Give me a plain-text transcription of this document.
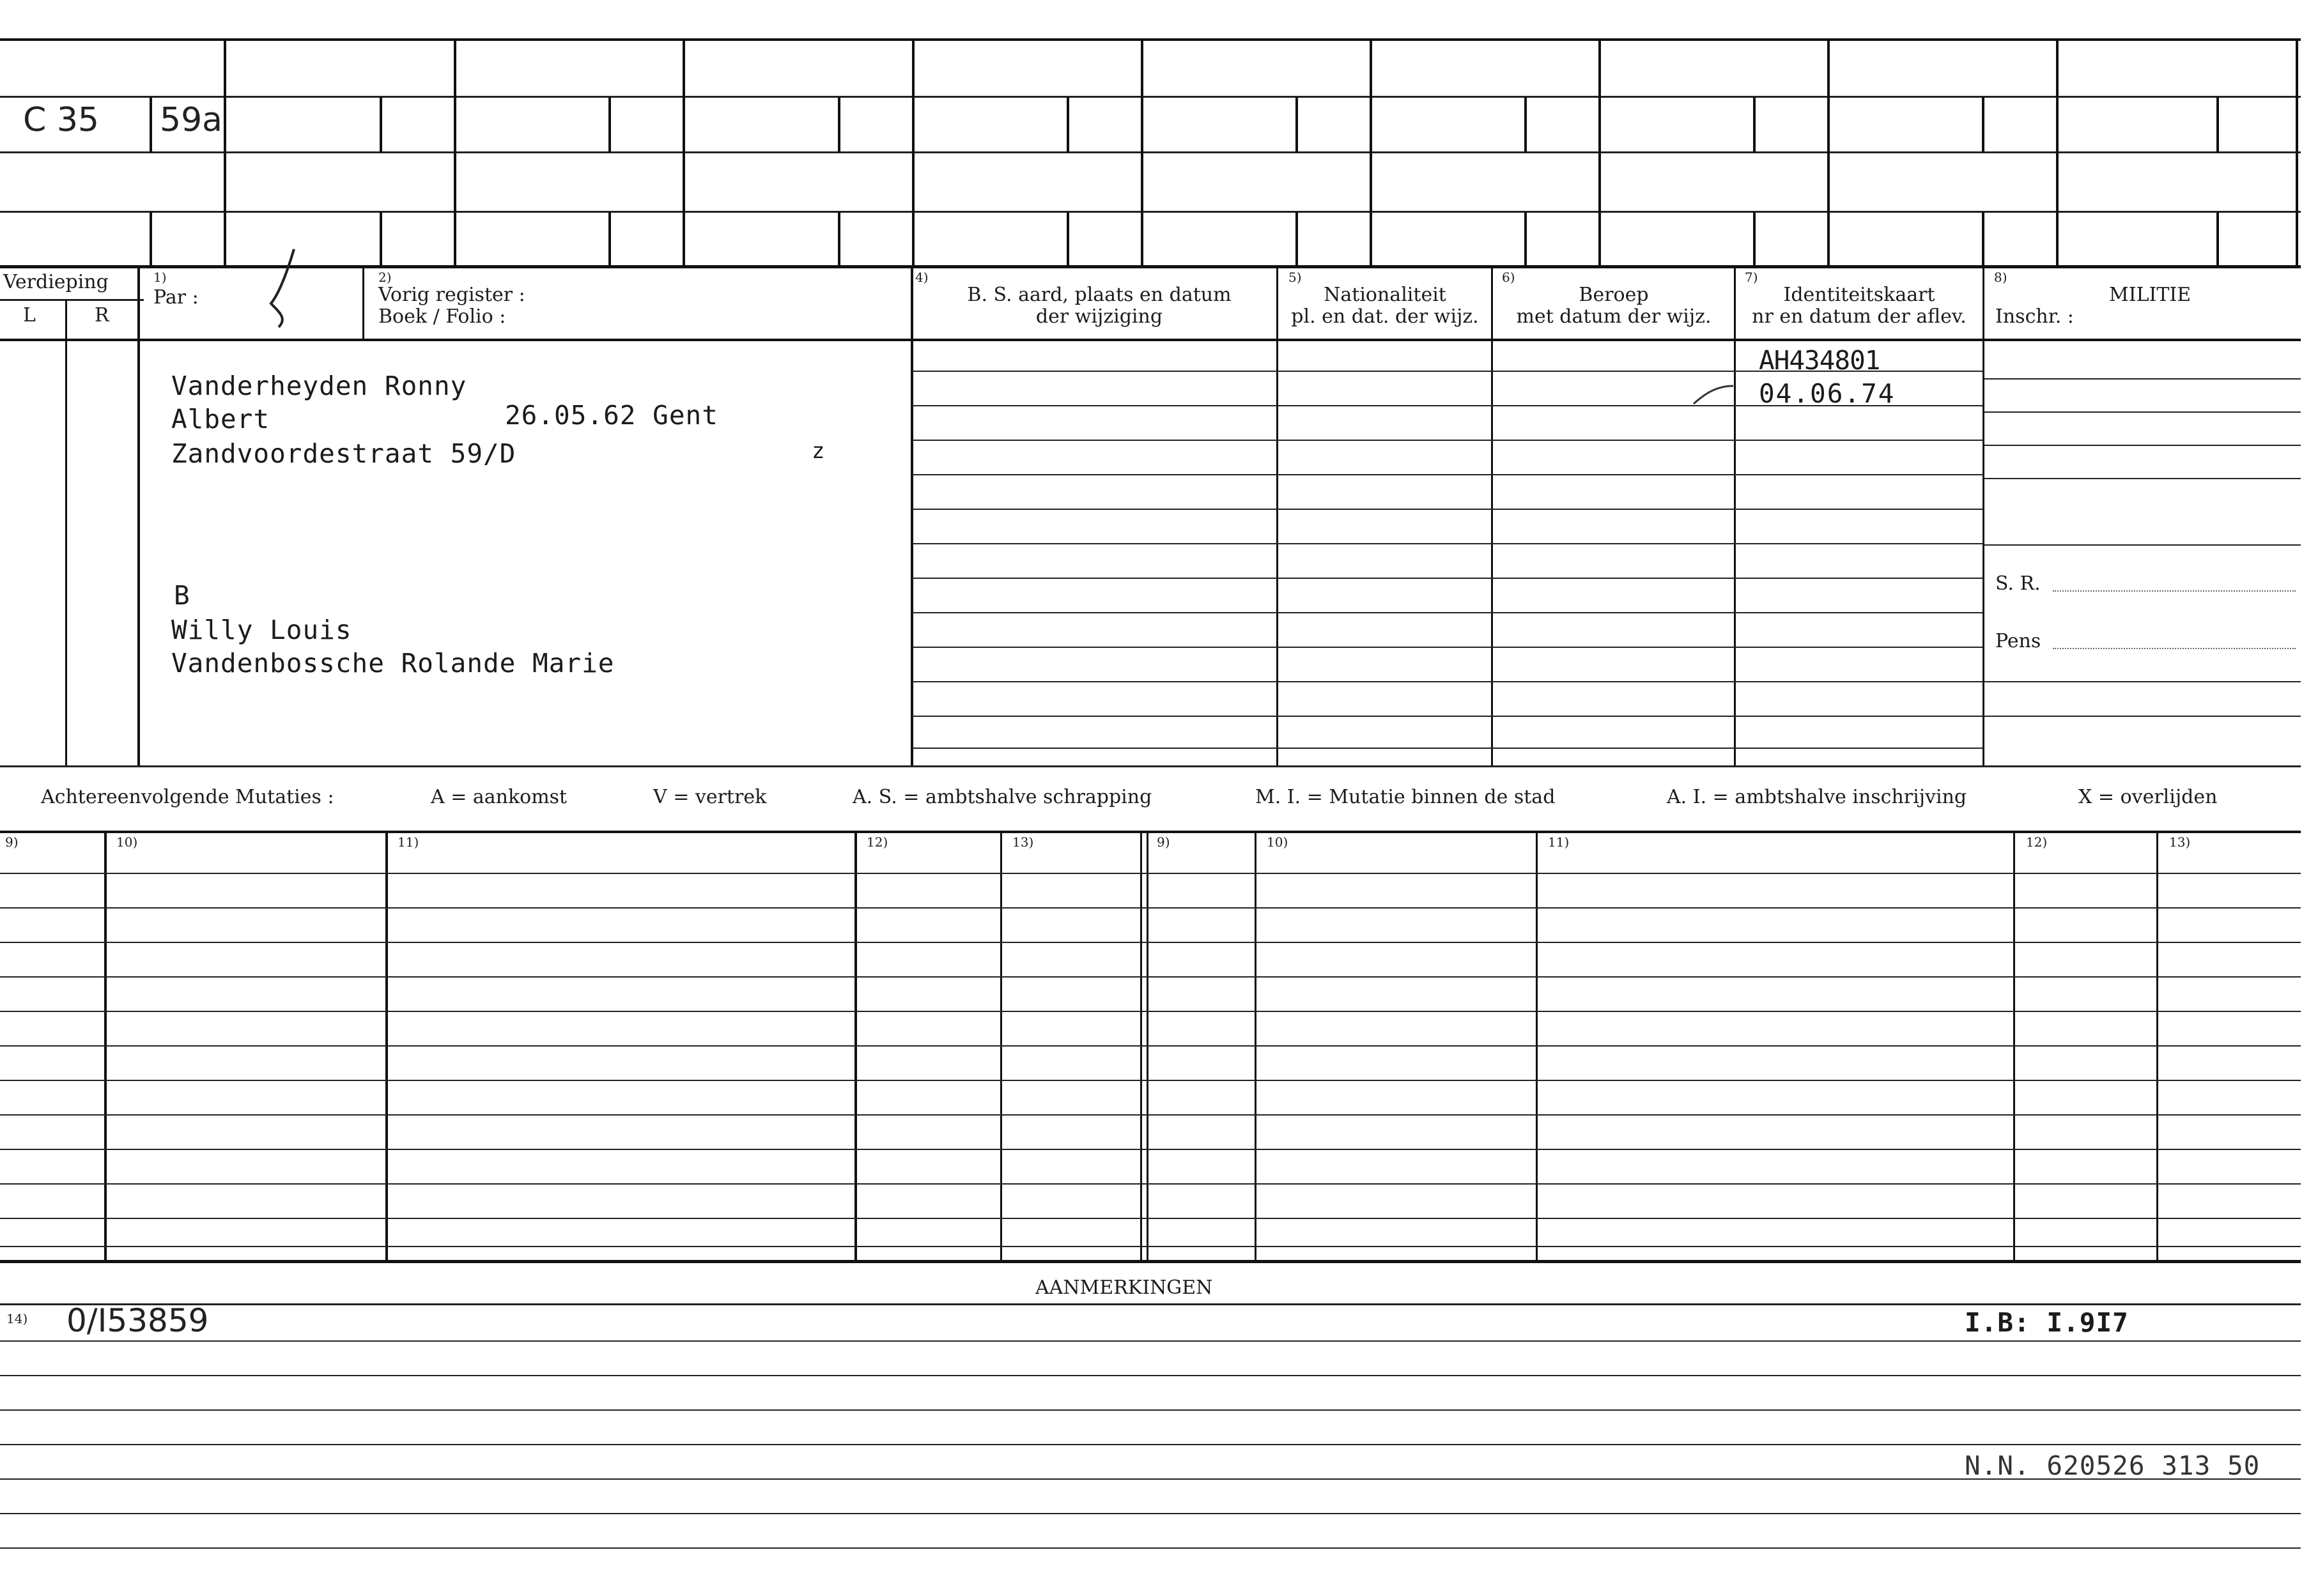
C 35 59a
Verdieping
L	R
1)
Par :
2)
Vorig register :
Boek / Folio :
4)
B. S. aard, plaats en datum
der wijziging
5)
Nationaliteit
pl. en dat. der wijz.
6)
Beroep
met datum der wijz.
7)
Identiteitskaart
nr en datum der aflev.
8)
MILITIE
Inschr. :
S. R.
Pens
Vanderheyden Ronny
Albert	26.05.62 Gent
Zandvoordestraat 59/D	z
B
Willy Louis
Vandenbossche Rolande Marie
AH434801
04.06.74
Achtereenvolgende Mutaties :	A = aankomst	V = vertrek	A. S. = ambtshalve schrapping	M. I. = Mutatie binnen de stad	A. I. = ambtshalve inschrijving	X = overlijden
9)	10)	11)	12)	13)	9)	10)	11)	12)	13)
AANMERKINGEN
14) 0/I53859	I.B: I.9I7
N.N. 620526 313 50
